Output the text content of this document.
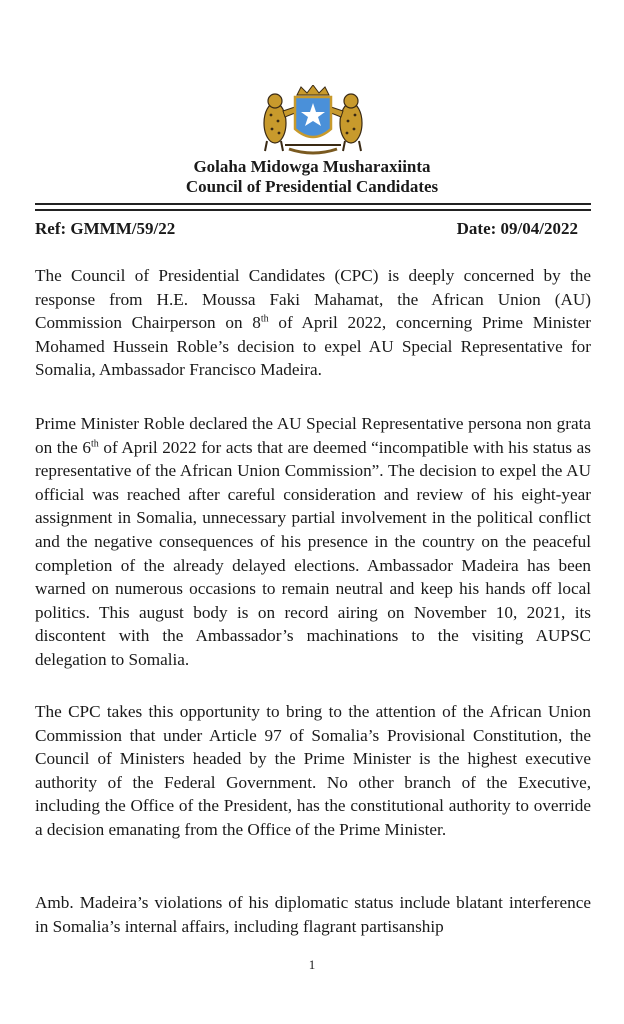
Golaha Midowga Musharaxiinta
Council of Presidential Candidates
Ref: GMMM/59/22	Date: 09/04/2022

The Council of Presidential Candidates (CPC) is deeply concerned by the response from H.E. Moussa Faki Mahamat, the African Union (AU) Commission Chairperson on 8th of April 2022, concerning Prime Minister Mohamed Hussein Roble’s decision to expel AU Special Representative for Somalia, Ambassador Francisco Madeira.

Prime Minister Roble declared the AU Special Representative persona non grata on the 6th of April 2022 for acts that are deemed “incompatible with his status as representative of the African Union Commission”. The decision to expel the AU official was reached after careful consideration and review of his eight-year assignment in Somalia, unnecessary partial involvement in the political conflict and the negative consequences of his presence in the country on the peaceful completion of the already delayed elections. Ambassador Madeira has been warned on numerous occasions to remain neutral and keep his hands off local politics. This august body is on record airing on November 10, 2021, its discontent with the Ambassador’s machinations to the visiting AUPSC delegation to Somalia.

The CPC takes this opportunity to bring to the attention of the African Union Commission that under Article 97 of Somalia’s Provisional Constitution, the Council of Ministers headed by the Prime Minister is the highest executive authority of the Federal Government. No other branch of the Executive, including the Office of the President, has the constitutional authority to override a decision emanating from the Office of the Prime Minister.

Amb. Madeira’s violations of his diplomatic status include blatant interference in Somalia’s internal affairs, including flagrant partisanship

1
